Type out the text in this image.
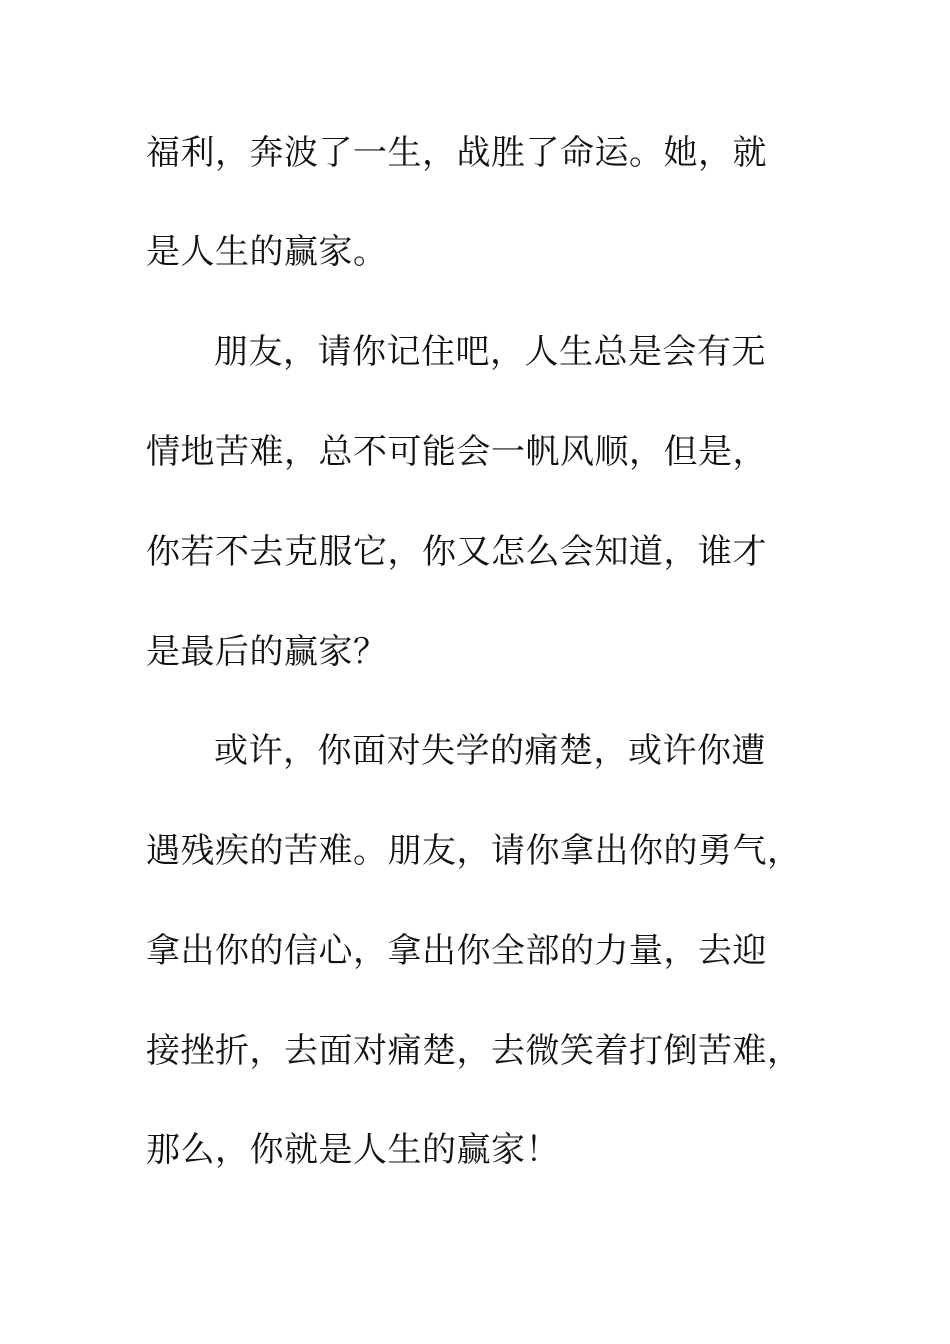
福利，奔波了一生，战胜了命运。她，就
是人生的赢家。
朋友，请你记住吧，人生总是会有无
情地苦难，总不可能会一帆风顺，但是，
你若不去克服它，你又怎么会知道，谁才
是最后的赢家？
或许，你面对失学的痛楚，或许你遭
遇残疾的苦难。朋友，请你拿出你的勇气，
拿出你的信心，拿出你全部的力量，去迎
接挫折，去面对痛楚，去微笑着打倒苦难，
那么，你就是人生的赢家！
